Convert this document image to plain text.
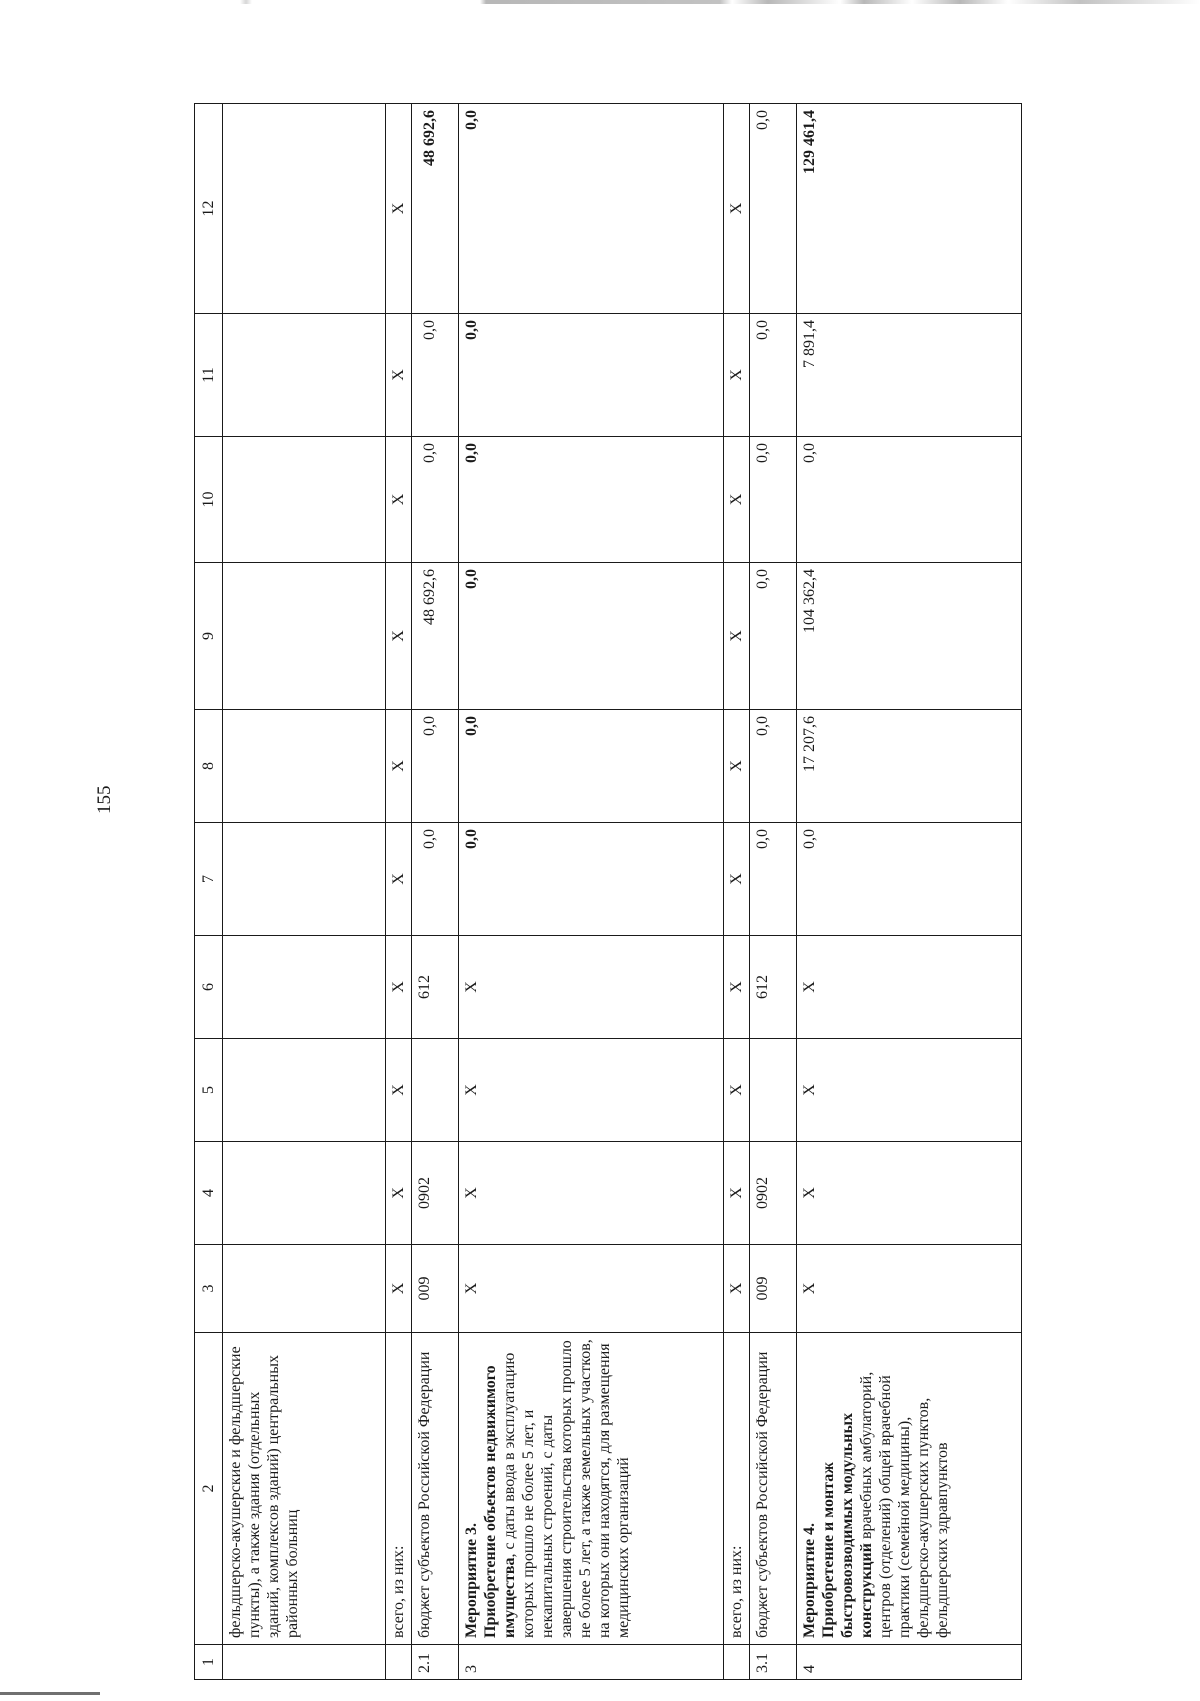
155
1	2	3	4	5	6	7	8	9	10	11	12
	фельдшерско-акушерские и фельдшерские пункты), а также здания (отдельных зданий, комплексов зданий) центральных районных больниц										
	всего, из них:	X	X	X	X	X	X	X	X	X	X
2.1	бюджет субъектов Российской Федерации	009	0902		612	0,0	0,0	48 692,6	0,0	0,0	48 692,6
3	Мероприятие 3. Приобретение объектов недвижимого имущества, с даты ввода в эксплуатацию которых прошло не более 5 лет, и некапитальных строений, с даты завершения строительства которых прошло не более 5 лет, а также земельных участков, на которых они находятся, для размещения медицинских организаций	X	X	X	X	0,0	0,0	0,0	0,0	0,0	0,0
	всего, из них:	X	X	X	X	X	X	X	X	X	X
3.1	бюджет субъектов Российской Федерации	009	0902		612	0,0	0,0	0,0	0,0	0,0	0,0
4	Мероприятие 4. Приобретение и монтаж быстровозводимых модульных конструкций врачебных амбулаторий, центров (отделений) общей врачебной практики (семейной медицины), фельдшерско-акушерских пунктов, фельдшерских здравпунктов	X	X	X	X	0,0	17 207,6	104 362,4	0,0	7 891,4	129 461,4
